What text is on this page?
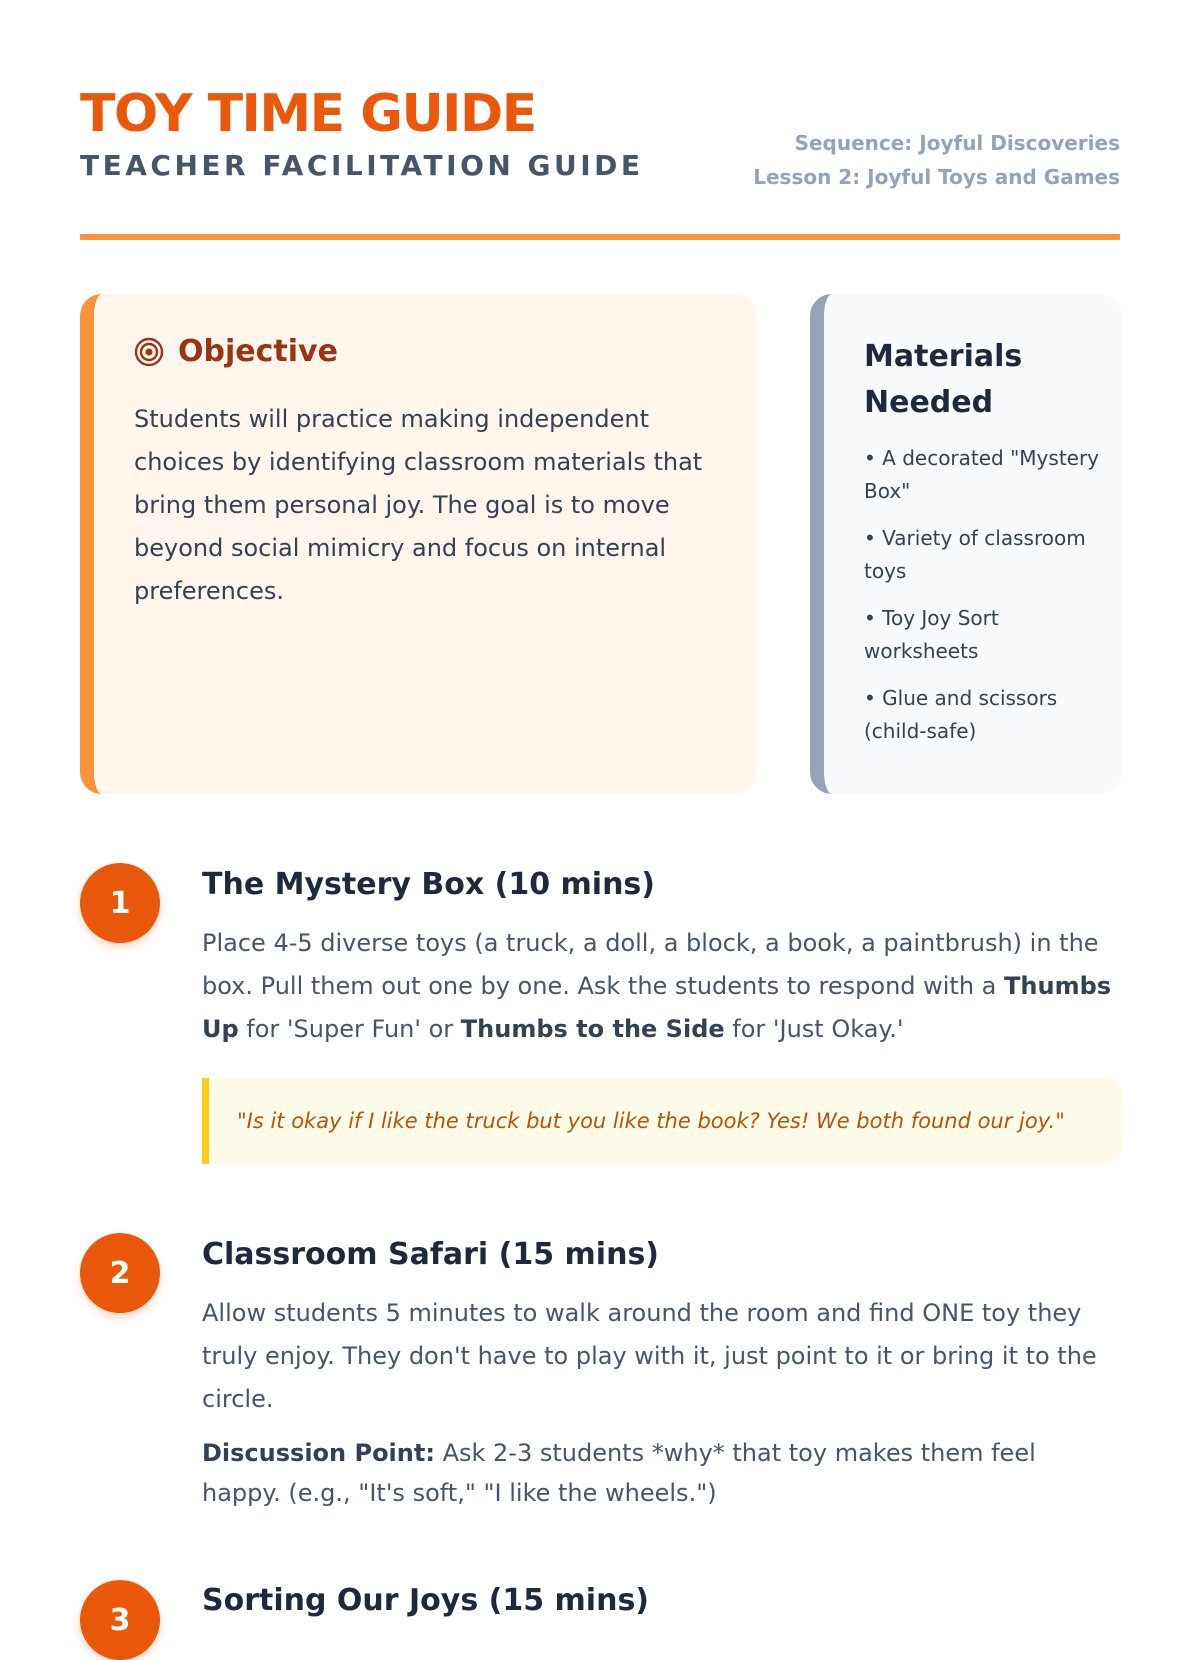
TOY TIME GUIDE
TEACHER FACILITATION GUIDE
Sequence: Joyful Discoveries
Lesson 2: Joyful Toys and Games
Objective
Students will practice making independent choices by identifying classroom materials that bring them personal joy. The goal is to move beyond social mimicry and focus on internal preferences.
Materials Needed
• A decorated "Mystery Box"
• Variety of classroom toys
• Toy Joy Sort worksheets
• Glue and scissors (child-safe)
1
The Mystery Box (10 mins)
Place 4-5 diverse toys (a truck, a doll, a block, a book, a paintbrush) in the box. Pull them out one by one. Ask the students to respond with a Thumbs Up for 'Super Fun' or Thumbs to the Side for 'Just Okay.'
"Is it okay if I like the truck but you like the book? Yes! We both found our joy."
2
Classroom Safari (15 mins)
Allow students 5 minutes to walk around the room and find ONE toy they truly enjoy. They don't have to play with it, just point to it or bring it to the circle.
Discussion Point: Ask 2-3 students *why* that toy makes them feel happy. (e.g., "It's soft," "I like the wheels.")
3
Sorting Our Joys (15 mins)
